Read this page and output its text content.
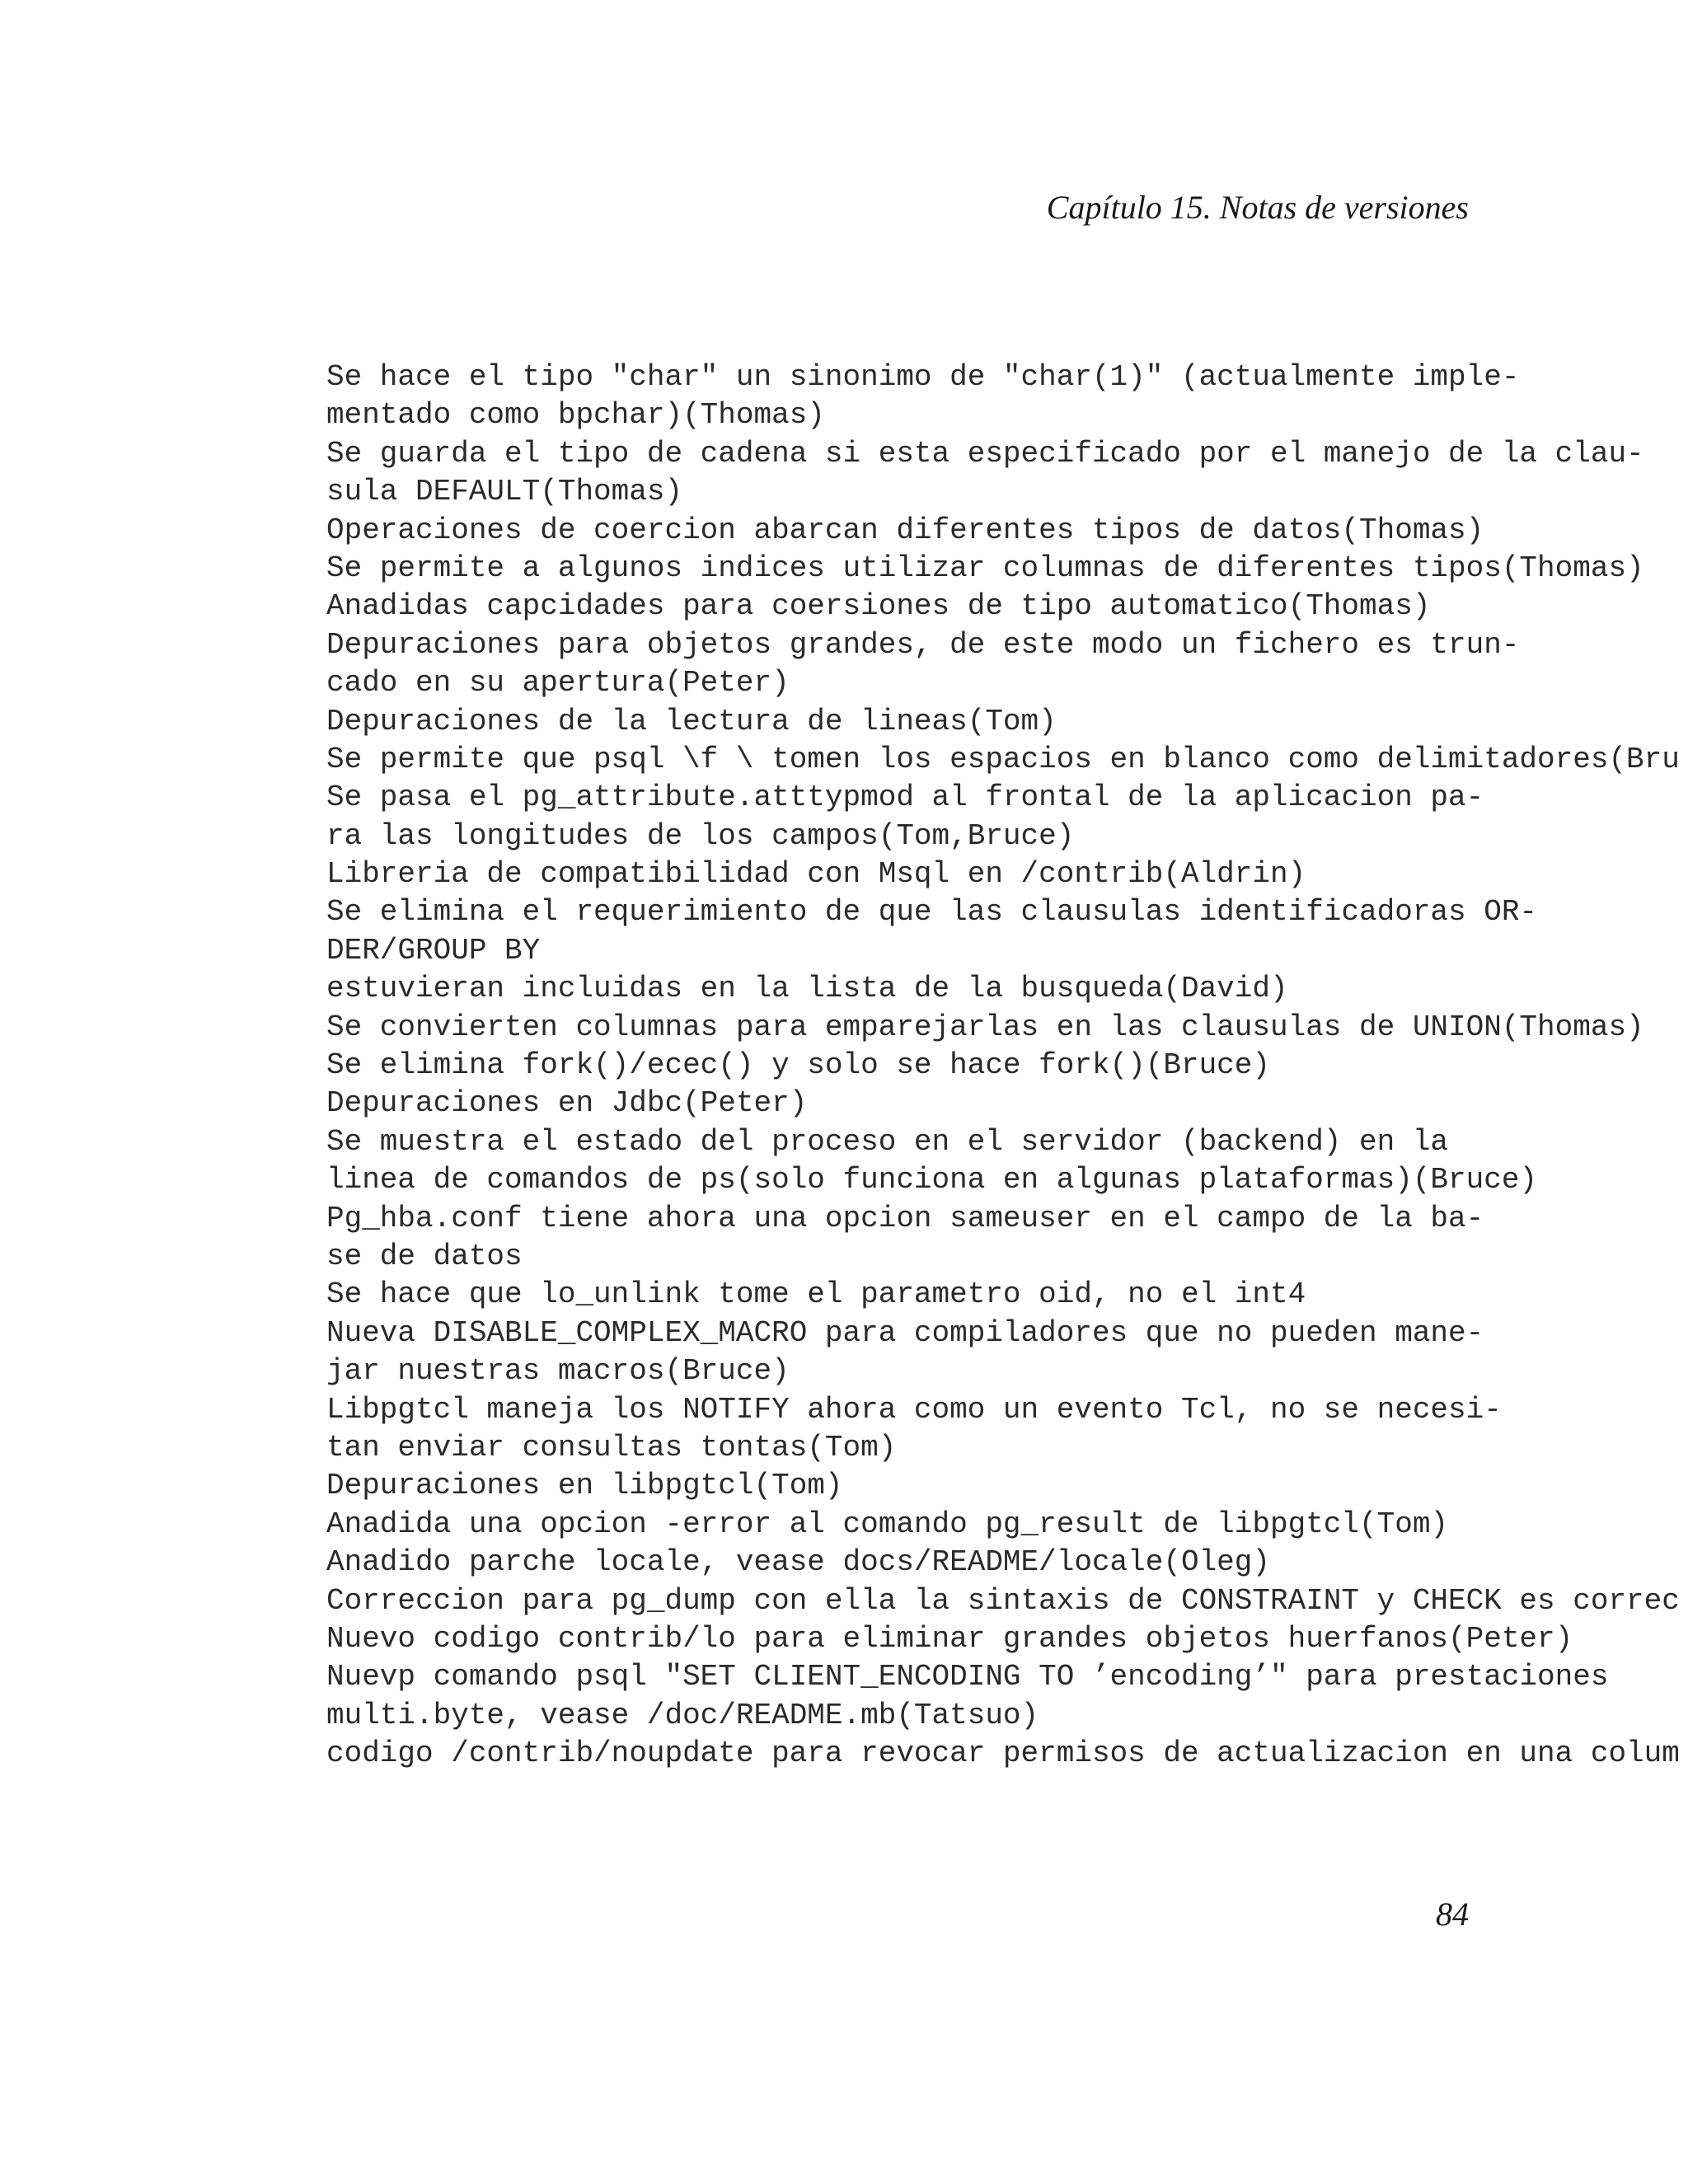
Capítulo 15. Notas de versiones
Se hace el tipo "char" un sinonimo de "char(1)" (actualmente imple-
mentado como bpchar)(Thomas)
Se guarda el tipo de cadena si esta especificado por el manejo de la clau-
sula DEFAULT(Thomas)
Operaciones de coercion abarcan diferentes tipos de datos(Thomas)
Se permite a algunos indices utilizar columnas de diferentes tipos(Thomas)
Anadidas capcidades para coersiones de tipo automatico(Thomas)
Depuraciones para objetos grandes, de este modo un fichero es trun-
cado en su apertura(Peter)
Depuraciones de la lectura de lineas(Tom)
Se permite que psql \f \ tomen los espacios en blanco como delimitadores(Bru
Se pasa el pg_attribute.atttypmod al frontal de la aplicacion pa-
ra las longitudes de los campos(Tom,Bruce)
Libreria de compatibilidad con Msql en /contrib(Aldrin)
Se elimina el requerimiento de que las clausulas identificadoras OR-
DER/GROUP BY
estuvieran incluidas en la lista de la busqueda(David)
Se convierten columnas para emparejarlas en las clausulas de UNION(Thomas)
Se elimina fork()/ecec() y solo se hace fork()(Bruce)
Depuraciones en Jdbc(Peter)
Se muestra el estado del proceso en el servidor (backend) en la
linea de comandos de ps(solo funciona en algunas plataformas)(Bruce)
Pg_hba.conf tiene ahora una opcion sameuser en el campo de la ba-
se de datos
Se hace que lo_unlink tome el parametro oid, no el int4
Nueva DISABLE_COMPLEX_MACRO para compiladores que no pueden mane-
jar nuestras macros(Bruce)
Libpgtcl maneja los NOTIFY ahora como un evento Tcl, no se necesi-
tan enviar consultas tontas(Tom)
Depuraciones en libpgtcl(Tom)
Anadida una opcion -error al comando pg_result de libpgtcl(Tom)
Anadido parche locale, vease docs/README/locale(Oleg)
Correccion para pg_dump con ella la sintaxis de CONSTRAINT y CHECK es correc
Nuevo codigo contrib/lo para eliminar grandes objetos huerfanos(Peter)
Nuevp comando psql "SET CLIENT_ENCODING TO ’encoding’" para prestaciones
multi.byte, vease /doc/README.mb(Tatsuo)
codigo /contrib/noupdate para revocar permisos de actualizacion en una colum
84
